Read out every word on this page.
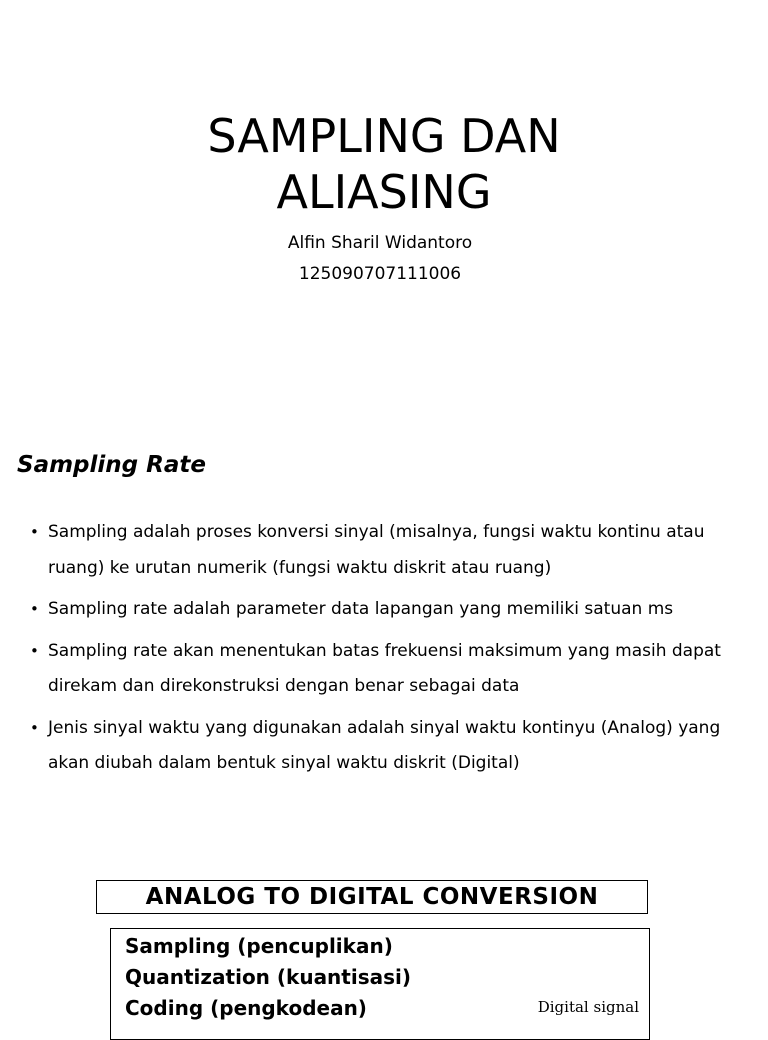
SAMPLING DAN
ALIASING
Alfin Sharil Widantoro
125090707111006
Sampling Rate
• Sampling adalah proses konversi sinyal (misalnya, fungsi waktu kontinu atau ruang) ke urutan numerik (fungsi waktu diskrit atau ruang)
• Sampling rate adalah parameter data lapangan yang memiliki satuan ms
• Sampling rate akan menentukan batas frekuensi maksimum yang masih dapat direkam dan direkonstruksi dengan benar sebagai data
• Jenis sinyal waktu yang digunakan adalah sinyal waktu kontinyu (Analog) yang akan diubah dalam bentuk sinyal waktu diskrit (Digital)
ANALOG TO DIGITAL CONVERSION
Sampling (pencuplikan)
Quantization (kuantisasi)
Coding (pengkodean)	Digital signal
